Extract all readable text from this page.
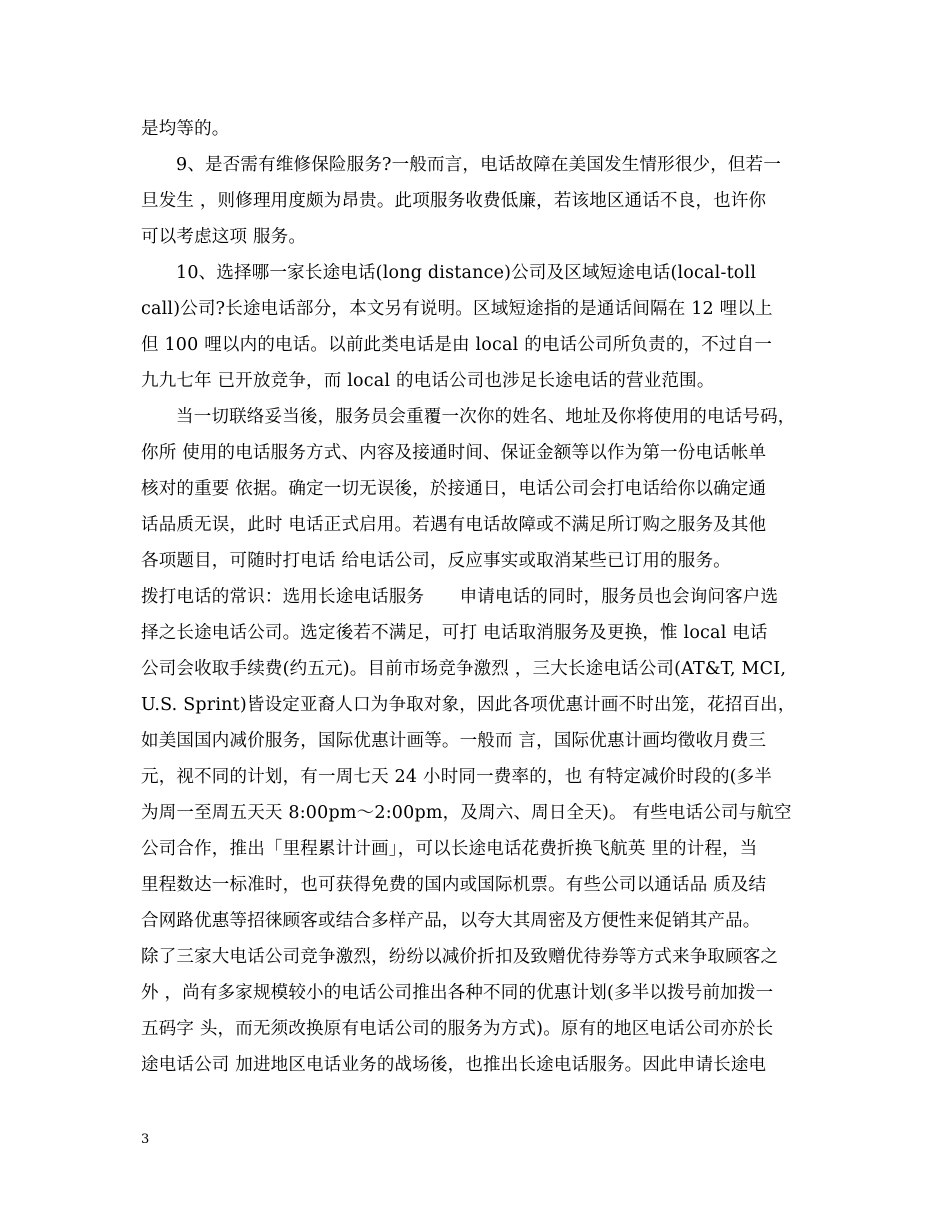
是均等的。
9、是否需有维修保险服务?一般而言，电话故障在美国发生情形很少，但若一
旦发生 ，则修理用度颇为昂贵。此项服务收费低廉，若该地区通话不良，也许你
可以考虑这项 服务。
10、选择哪一家长途电话(long distance)公司及区域短途电话(local-toll
call)公司?长途电话部分，本文另有说明。区域短途指的是通话间隔在 12 哩以上
但 100 哩以内的电话。以前此类电话是由 local 的电话公司所负责的，不过自一
九九七年 已开放竞争，而 local 的电话公司也涉足长途电话的营业范围。
当一切联络妥当後，服务员会重覆一次你的姓名、地址及你将使用的电话号码，
你所 使用的电话服务方式、内容及接通时间、保证金额等以作为第一份电话帐单
核对的重要 依据。确定一切无误後，於接通日，电话公司会打电话给你以确定通
话品质无误，此时 电话正式启用。若遇有电话故障或不满足所订购之服务及其他
各项题目，可随时打电话 给电话公司，反应事实或取消某些已订用的服务。
拨打电话的常识：选用长途电话服务　　申请电话的同时，服务员也会询问客户选
择之长途电话公司。选定後若不满足，可打 电话取消服务及更换，惟 local 电话
公司会收取手续费(约五元)。目前市场竞争激烈 ，三大长途电话公司(AT&T, MCI,
U.S. Sprint)皆设定亚裔人口为争取对象，因此各项优惠计画不时出笼，花招百出，
如美国国内减价服务，国际优惠计画等。一般而 言，国际优惠计画均徵收月费三
元，视不同的计划，有一周七天 24 小时同一费率的，也 有特定减价时段的(多半
为周一至周五天天 8:00pm～2:00pm，及周六、周日全天)。 有些电话公司与航空
公司合作，推出「里程累计计画」，可以长途电话花费折换飞航英 里的计程，当
里程数达一标准时，也可获得免费的国内或国际机票。有些公司以通话品 质及结
合网路优惠等招徕顾客或结合多样产品，以夸大其周密及方便性来促销其产品。
除了三家大电话公司竞争激烈，纷纷以减价折扣及致赠优待券等方式来争取顾客之
外 ，尚有多家规模较小的电话公司推出各种不同的优惠计划(多半以拨号前加拨一
五码字 头，而无须改换原有电话公司的服务为方式)。原有的地区电话公司亦於长
途电话公司 加进地区电话业务的战场後，也推出长途电话服务。因此申请长途电
3
